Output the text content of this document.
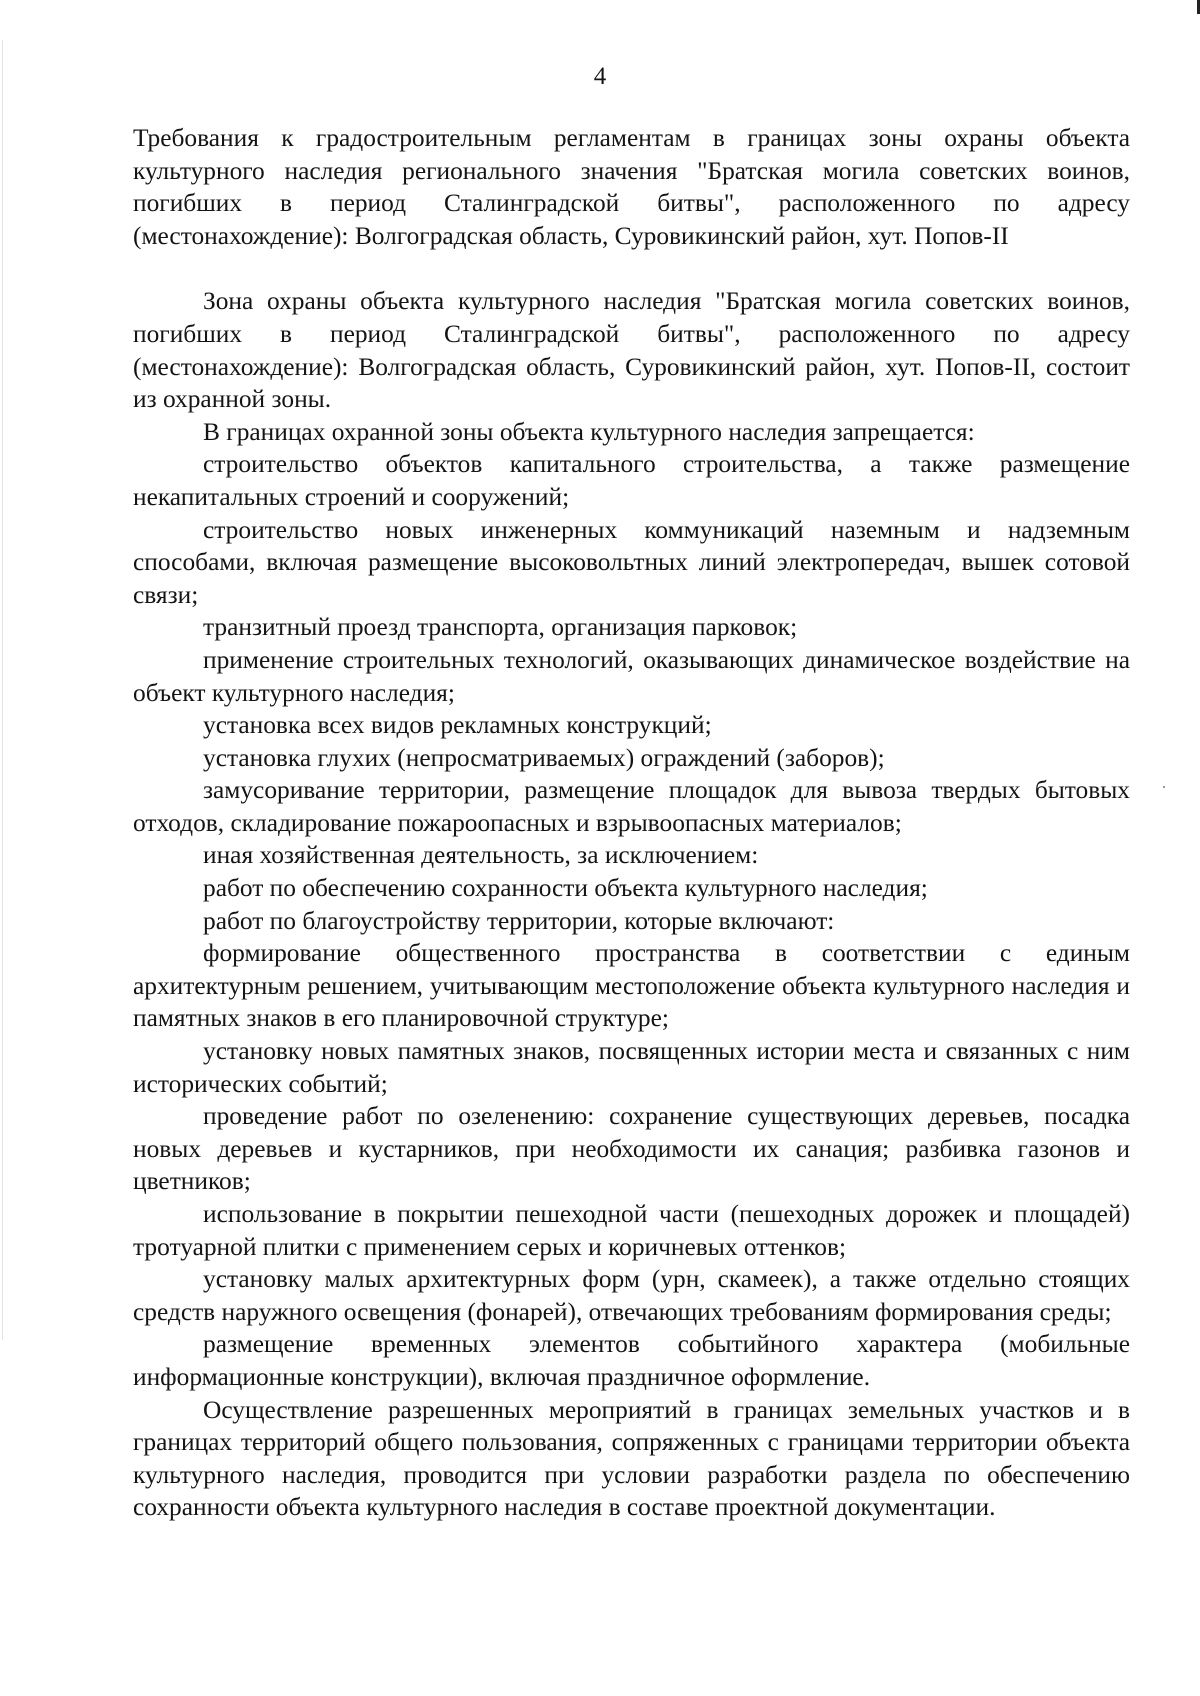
4

Требования к градостроительным регламентам в границах зоны охраны объекта культурного наследия регионального значения "Братская могила советских воинов, погибших в период Сталинградской битвы", расположенного по адресу (местонахождение): Волгоградская область, Суровикинский район, хут. Попов-II

Зона охраны объекта культурного наследия "Братская могила советских воинов, погибших в период Сталинградской битвы", расположенного по адресу (местонахождение): Волгоградская область, Суровикинский район, хут. Попов-II, состоит из охранной зоны.

В границах охранной зоны объекта культурного наследия запрещается:

строительство объектов капитального строительства, а также размещение некапитальных строений и сооружений;

строительство новых инженерных коммуникаций наземным и надземным способами, включая размещение высоковольтных линий электропередач, вышек сотовой связи;

транзитный проезд транспорта, организация парковок;

применение строительных технологий, оказывающих динамическое воздействие на объект культурного наследия;

установка всех видов рекламных конструкций;

установка глухих (непросматриваемых) ограждений (заборов);

замусоривание территории, размещение площадок для вывоза твердых бытовых отходов, складирование пожароопасных и взрывоопасных материалов;

иная хозяйственная деятельность, за исключением:

работ по обеспечению сохранности объекта культурного наследия;

работ по благоустройству территории, которые включают:

формирование общественного пространства в соответствии с единым архитектурным решением, учитывающим местоположение объекта культурного наследия и памятных знаков в его планировочной структуре;

установку новых памятных знаков, посвященных истории места и связанных с ним исторических событий;

проведение работ по озеленению: сохранение существующих деревьев, посадка новых деревьев и кустарников, при необходимости их санация; разбивка газонов и цветников;

использование в покрытии пешеходной части (пешеходных дорожек и площадей) тротуарной плитки с применением серых и коричневых оттенков;

установку малых архитектурных форм (урн, скамеек), а также отдельно стоящих средств наружного освещения (фонарей), отвечающих требованиям формирования среды;

размещение временных элементов событийного характера (мобильные информационные конструкции), включая праздничное оформление.

Осуществление разрешенных мероприятий в границах земельных участков и в границах территорий общего пользования, сопряженных с границами территории объекта культурного наследия, проводится при условии разработки раздела по обеспечению сохранности объекта культурного наследия в составе проектной документации.
